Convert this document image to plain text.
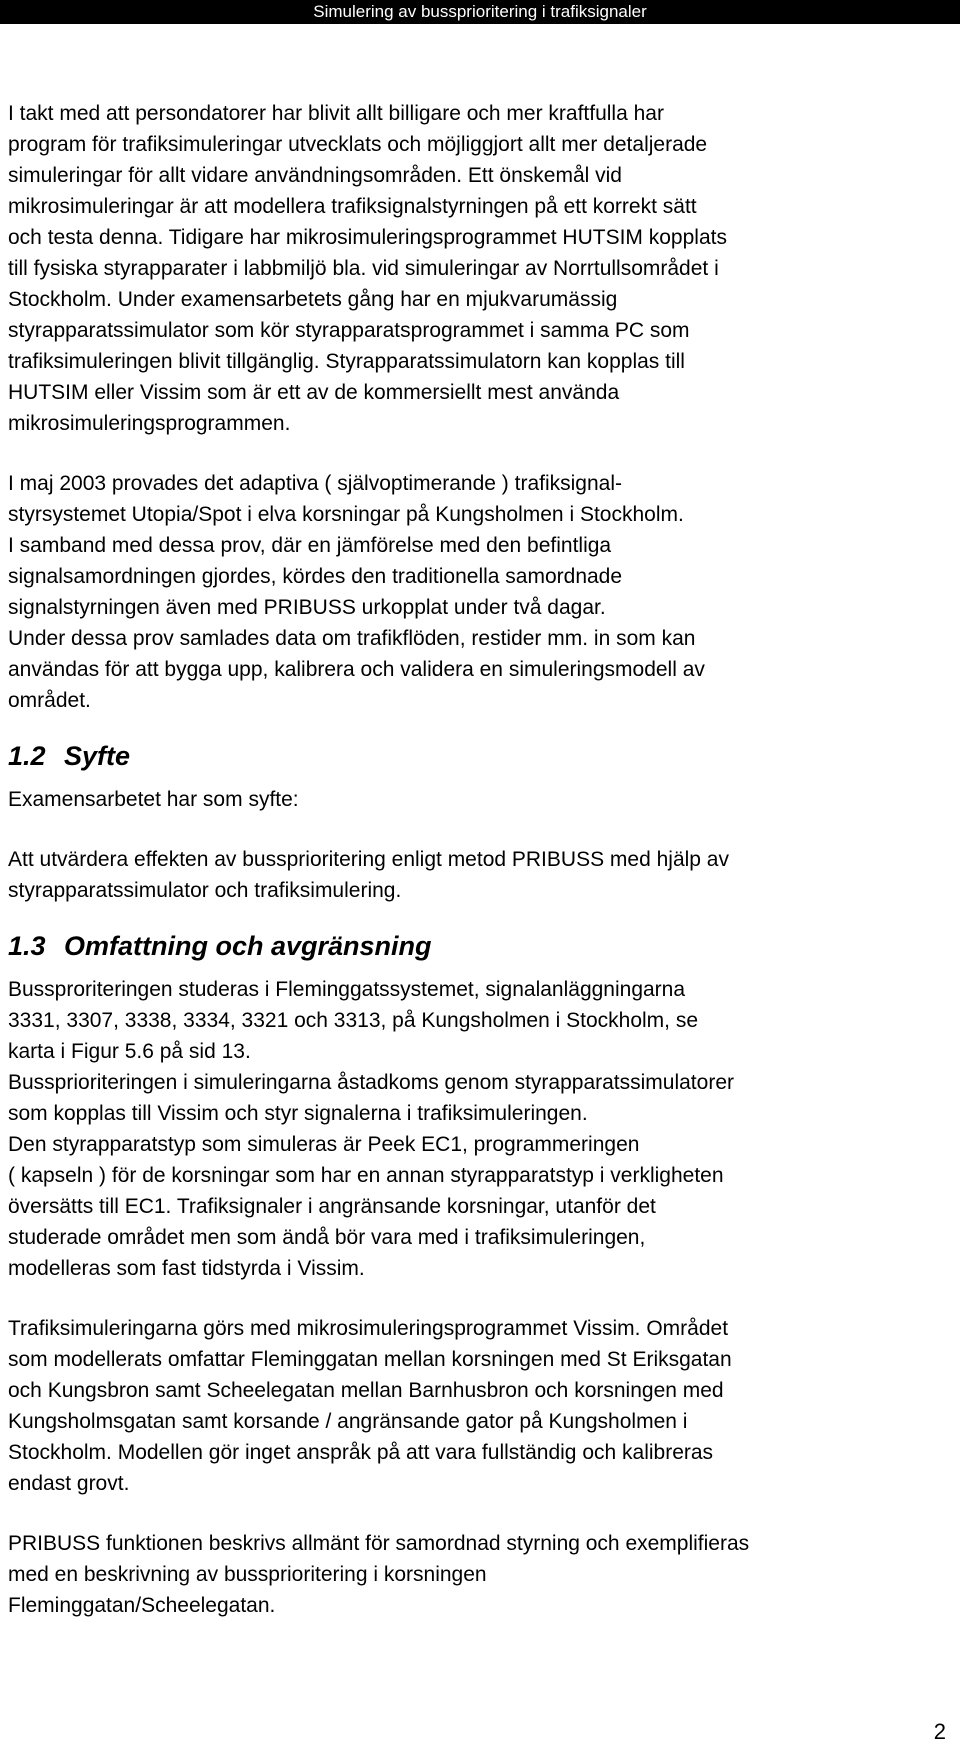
Simulering av bussprioritering i trafiksignaler

I takt med att persondatorer har blivit allt billigare och mer kraftfulla har
program för trafiksimuleringar utvecklats och möjliggjort allt mer detaljerade
simuleringar för allt vidare användningsområden. Ett önskemål vid
mikrosimuleringar är att modellera trafiksignalstyrningen på ett korrekt sätt
och testa denna. Tidigare har mikrosimuleringsprogrammet HUTSIM kopplats
till fysiska styrapparater i labbmiljö bla. vid simuleringar av Norrtullsområdet i
Stockholm. Under examensarbetets gång har en mjukvarumässig
styrapparatssimulator som kör styrapparatsprogrammet i samma PC som
trafiksimuleringen blivit tillgänglig. Styrapparatssimulatorn kan kopplas till
HUTSIM eller Vissim som är ett av de kommersiellt mest använda
mikrosimuleringsprogrammen.

I maj 2003 provades det adaptiva ( självoptimerande ) trafiksignal-
styrsystemet Utopia/Spot i elva korsningar på Kungsholmen i Stockholm.
I samband med dessa prov, där en jämförelse med den befintliga
signalsamordningen gjordes, kördes den traditionella samordnade
signalstyrningen även med PRIBUSS urkopplat under två dagar.
Under dessa prov samlades data om trafikflöden, restider mm. in som kan
användas för att bygga upp, kalibrera och validera en simuleringsmodell av
området.

1.2 Syfte

Examensarbetet har som syfte:

Att utvärdera effekten av bussprioritering enligt metod PRIBUSS med hjälp av
styrapparatssimulator och trafiksimulering.

1.3 Omfattning och avgränsning

Bussproriteringen studeras i Fleminggatssystemet, signalanläggningarna
3331, 3307, 3338, 3334, 3321 och 3313, på Kungsholmen i Stockholm, se
karta i Figur 5.6 på sid 13.
Bussprioriteringen i simuleringarna åstadkoms genom styrapparatssimulatorer
som kopplas till Vissim och styr signalerna i trafiksimuleringen.
Den styrapparatstyp som simuleras är Peek EC1, programmeringen
( kapseln ) för de korsningar som har en annan styrapparatstyp i verkligheten
översätts till EC1. Trafiksignaler i angränsande korsningar, utanför det
studerade området men som ändå bör vara med i trafiksimuleringen,
modelleras som fast tidstyrda i Vissim.

Trafiksimuleringarna görs med mikrosimuleringsprogrammet Vissim. Området
som modellerats omfattar Fleminggatan mellan korsningen med St Eriksgatan
och Kungsbron samt Scheelegatan mellan Barnhusbron och korsningen med
Kungsholmsgatan samt korsande / angränsande gator på Kungsholmen i
Stockholm. Modellen gör inget anspråk på att vara fullständig och kalibreras
endast grovt.

PRIBUSS funktionen beskrivs allmänt för samordnad styrning och exemplifieras
med en beskrivning av bussprioritering i korsningen
Fleminggatan/Scheelegatan.

2
